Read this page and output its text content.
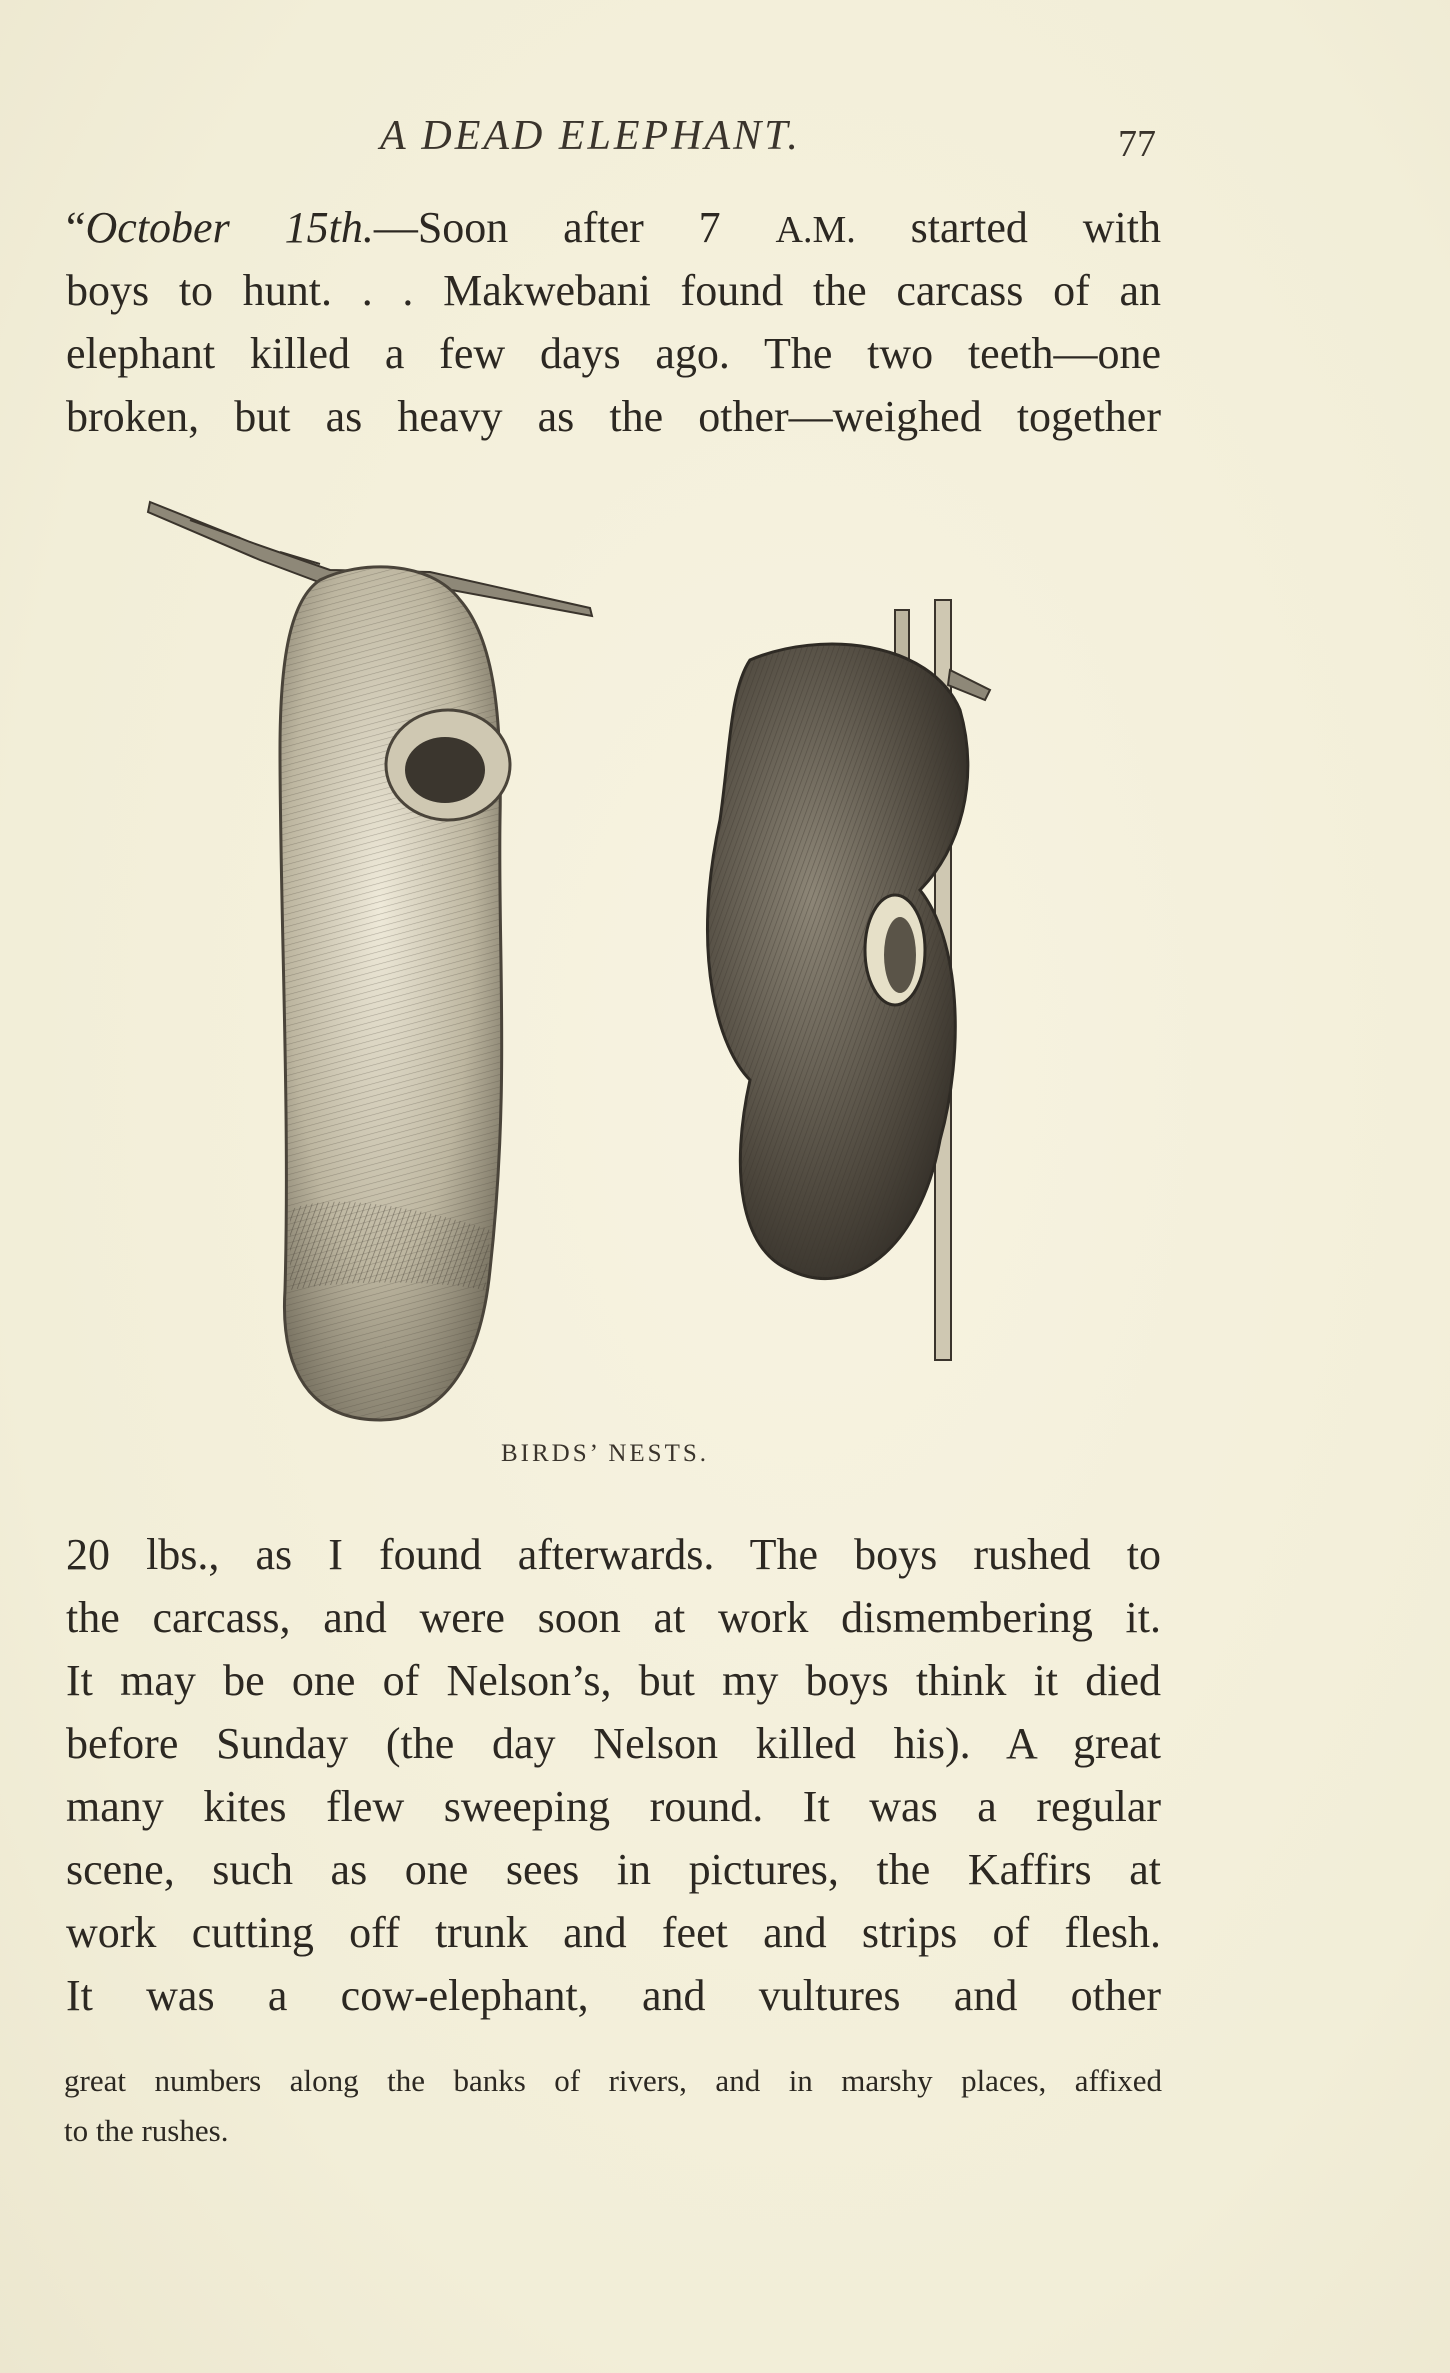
A DEAD ELEPHANT.	77
“October 15th.—Soon after 7 A.M. started with
boys to hunt. . . Makwebani found the carcass of an
elephant killed a few days ago. The two teeth—one
broken, but as heavy as the other—weighed together
BIRDS’ NESTS.
20 lbs., as I found afterwards. The boys rushed to
the carcass, and were soon at work dismembering it.
It may be one of Nelson’s, but my boys think it died
before Sunday (the day Nelson killed his). A great
many kites flew sweeping round. It was a regular
scene, such as one sees in pictures, the Kaffirs at
work cutting off trunk and feet and strips of flesh.
It was a cow-elephant, and vultures and other
great numbers along the banks of rivers, and in marshy places, affixed
to the rushes.
